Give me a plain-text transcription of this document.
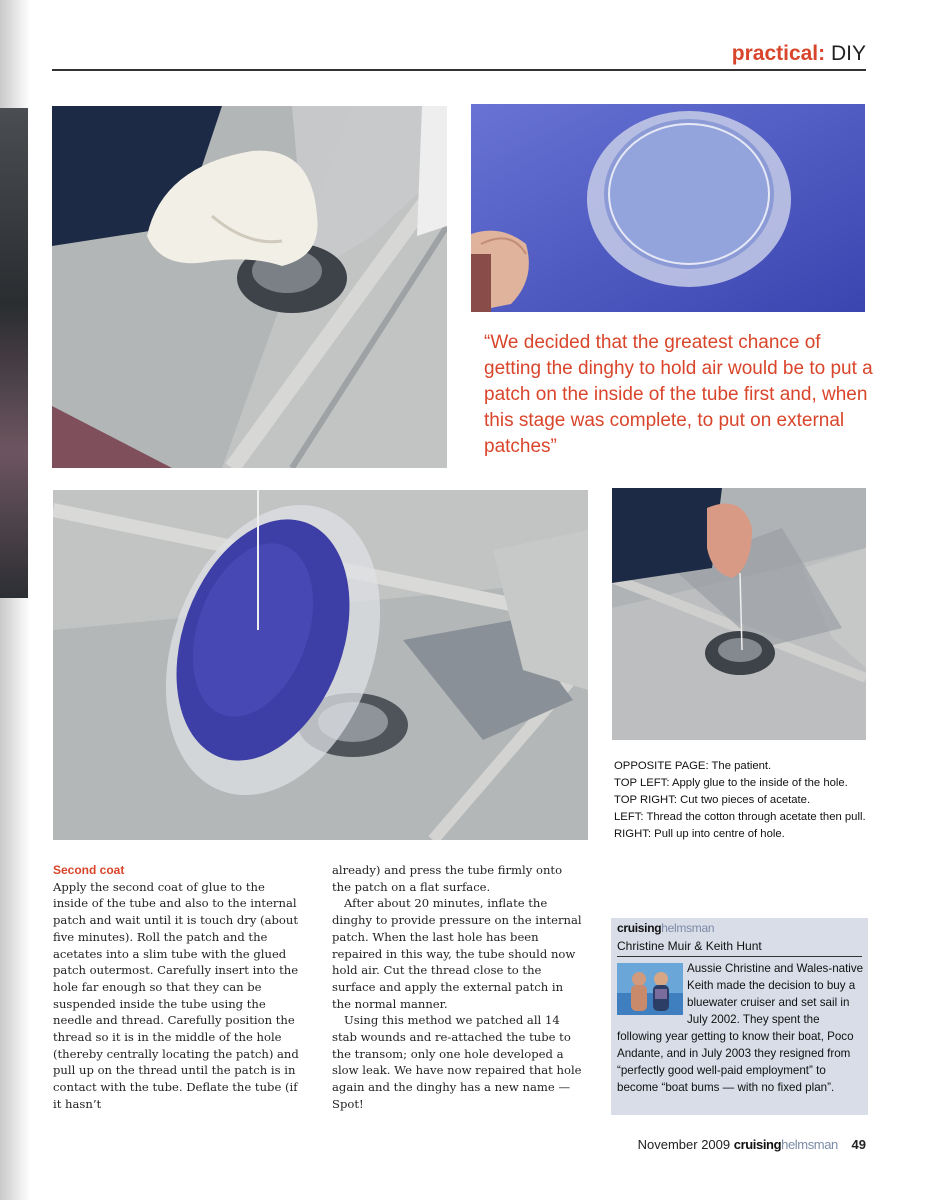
practical: DIY
“We decided that the greatest chance of getting the dinghy to hold air would be to put a patch on the inside of the tube first and, when this stage was complete, to put on external patches”
OPPOSITE PAGE: The patient.
TOP LEFT: Apply glue to the inside of the hole.
TOP RIGHT: Cut two pieces of acetate.
LEFT: Thread the cotton through acetate then pull.
RIGHT: Pull up into centre of hole.
Second coat

Apply the second coat of glue to the inside of the tube and also to the internal patch and wait until it is touch dry (about five minutes). Roll the patch and the acetates into a slim tube with the glued patch outermost. Carefully insert into the hole far enough so that they can be suspended inside the tube using the needle and thread. Carefully position the thread so it is in the middle of the hole (thereby centrally locating the patch) and pull up on the thread until the patch is in contact with the tube. Deflate the tube (if it hasn’t

already) and press the tube firmly onto the patch on a flat surface.

After about 20 minutes, inflate the dinghy to provide pressure on the internal patch. When the last hole has been repaired in this way, the tube should now hold air. Cut the thread close to the surface and apply the external patch in the normal manner.

Using this method we patched all 14 stab wounds and re-attached the tube to the transom; only one hole developed a slow leak. We have now repaired that hole again and the dinghy has a new name — Spot!

cruisinghelmsman
Christine Muir & Keith Hunt
Aussie Christine and Wales-native Keith made the decision to buy a bluewater cruiser and set sail in July 2002. They spent the following year getting to know their boat, Poco Andante, and in July 2003 they resigned from “perfectly good well-paid employment” to become “boat bums — with no fixed plan”.
November 2009 cruisinghelmsman 49
